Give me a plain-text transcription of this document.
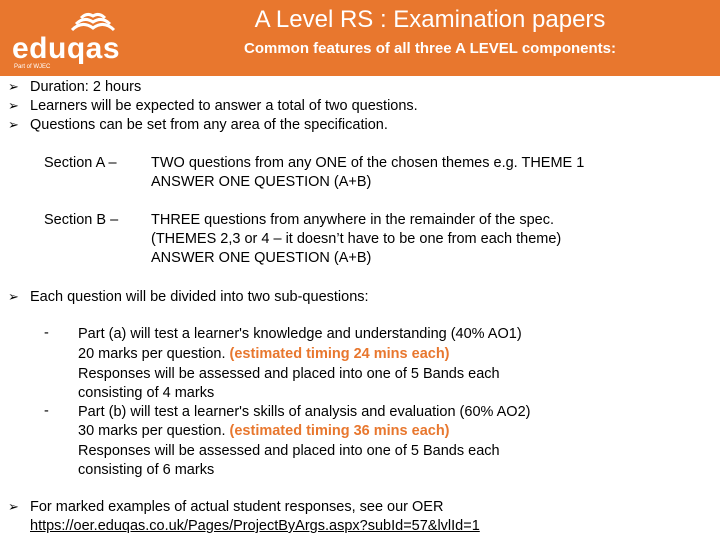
eduqas
Part of WJEC
A Level RS : Examination papers
Common features of all three A LEVEL components:
➢ Duration: 2 hours
➢ Learners will be expected to answer a total of two questions.
➢ Questions can be set from any area of the specification.
Section A – TWO questions from any ONE of the chosen themes e.g. THEME 1
ANSWER ONE QUESTION (A+B)
Section B – THREE questions from anywhere in the remainder of the spec.
(THEMES 2,3 or 4 – it doesn’t have to be one from each theme)
ANSWER ONE QUESTION (A+B)
➢ Each question will be divided into two sub-questions:
- Part (a) will test a learner's knowledge and understanding (40% AO1)
20 marks per question. (estimated timing 24 mins each)
Responses will be assessed and placed into one of 5 Bands each
consisting of 4 marks
- Part (b) will test a learner's skills of analysis and evaluation (60% AO2)
30 marks per question. (estimated timing 36 mins each)
Responses will be assessed and placed into one of 5 Bands each
consisting of 6 marks
➢ For marked examples of actual student responses, see our OER
https://oer.eduqas.co.uk/Pages/ProjectByArgs.aspx?subId=57&lvlId=1
